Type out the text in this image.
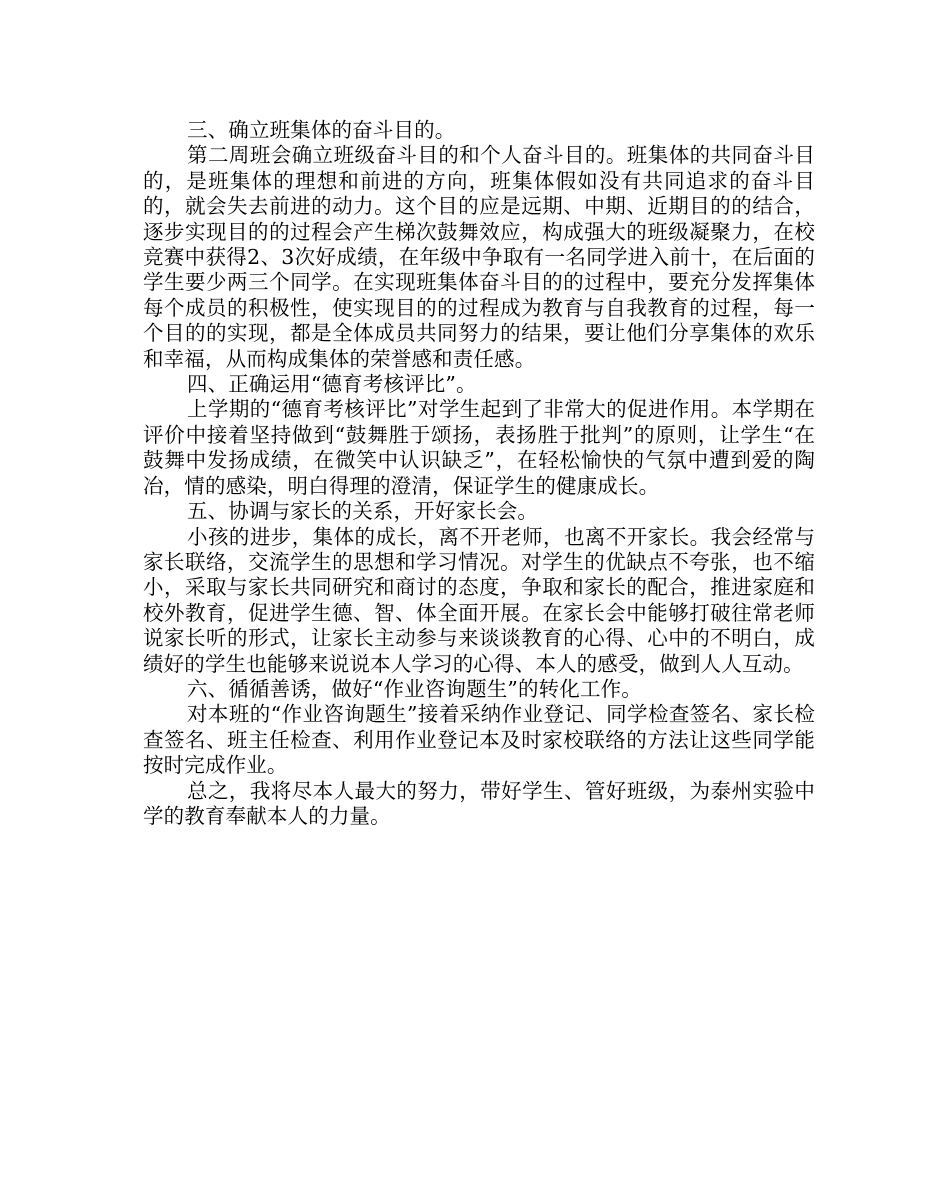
三、确立班集体的奋斗目的。

第二周班会确立班级奋斗目的和个人奋斗目的。班集体的共同奋斗目的，是班集体的理想和前进的方向，班集体假如没有共同追求的奋斗目的，就会失去前进的动力。这个目的应是远期、中期、近期目的的结合，逐步实现目的的过程会产生梯次鼓舞效应，构成强大的班级凝聚力，在校竞赛中获得2、3次好成绩，在年级中争取有一名同学进入前十，在后面的学生要少两三个同学。在实现班集体奋斗目的的过程中，要充分发挥集体每个成员的积极性，使实现目的的过程成为教育与自我教育的过程，每一个目的的实现，都是全体成员共同努力的结果，要让他们分享集体的欢乐和幸福，从而构成集体的荣誉感和责任感。

四、正确运用“德育考核评比”。

上学期的“德育考核评比”对学生起到了非常大的促进作用。本学期在评价中接着坚持做到“鼓舞胜于颂扬，表扬胜于批判”的原则，让学生“在鼓舞中发扬成绩，在微笑中认识缺乏”，在轻松愉快的气氛中遭到爱的陶冶，情的感染，明白得理的澄清，保证学生的健康成长。

五、协调与家长的关系，开好家长会。

小孩的进步，集体的成长，离不开老师，也离不开家长。我会经常与家长联络，交流学生的思想和学习情况。对学生的优缺点不夸张，也不缩小，采取与家长共同研究和商讨的态度，争取和家长的配合，推进家庭和校外教育，促进学生德、智、体全面开展。在家长会中能够打破往常老师说家长听的形式，让家长主动参与来谈谈教育的心得、心中的不明白，成绩好的学生也能够来说说本人学习的心得、本人的感受，做到人人互动。

六、循循善诱，做好“作业咨询题生”的转化工作。

对本班的“作业咨询题生”接着采纳作业登记、同学检查签名、家长检查签名、班主任检查、利用作业登记本及时家校联络的方法让这些同学能按时完成作业。

总之，我将尽本人最大的努力，带好学生、管好班级，为泰州实验中学的教育奉献本人的力量。
